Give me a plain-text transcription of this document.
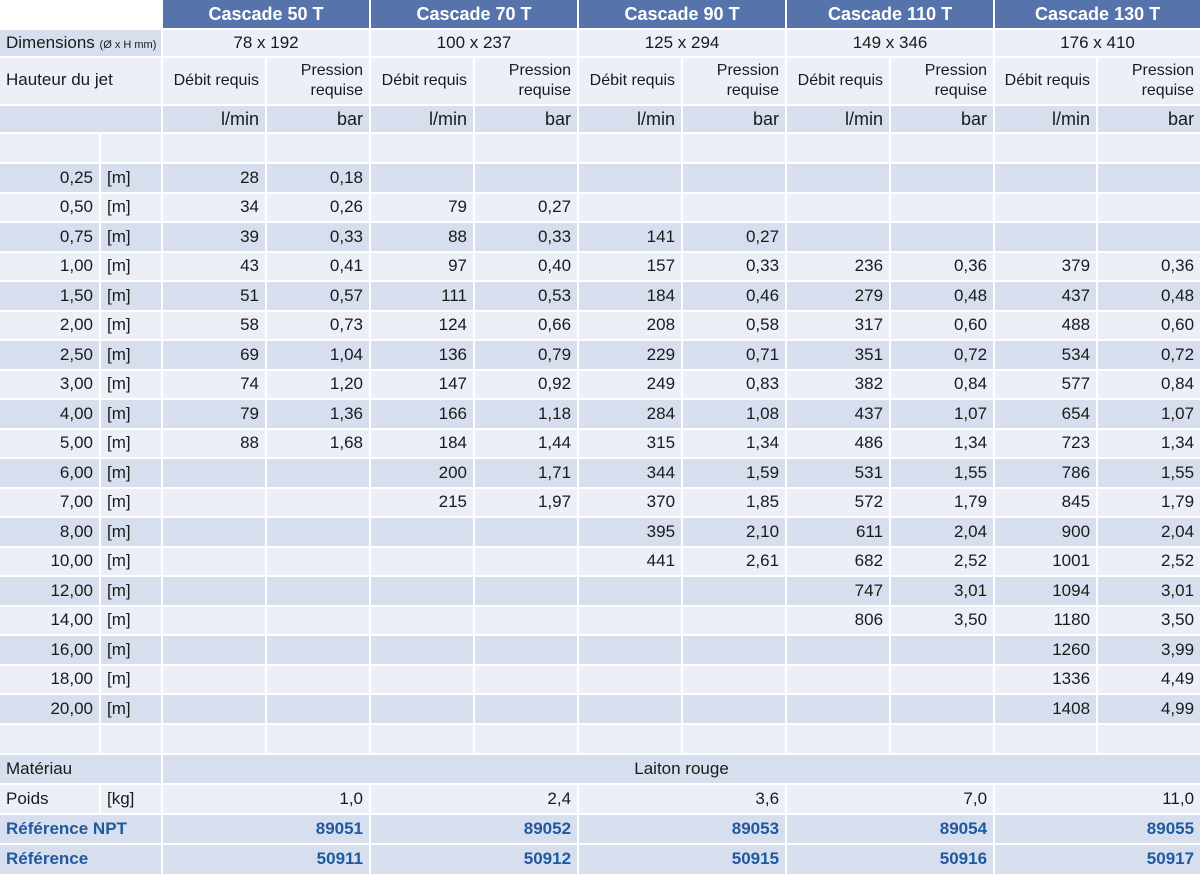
		Cascade 50 T		Cascade 70 T		Cascade 90 T		Cascade 110 T		Cascade 130 T	
Dimensions (Ø x H mm)		78 x 192		100 x 237		125 x 294		149 x 346		176 x 410	
Hauteur du jet		Débit requis	Pression requise	Débit requis	Pression requise	Débit requis	Pression requise	Débit requis	Pression requise	Débit requis	Pression requise
		l/min	bar	l/min	bar	l/min	bar	l/min	bar	l/min	bar

0,25	[m]	28	0,18								
0,50	[m]	34	0,26	79	0,27						
0,75	[m]	39	0,33	88	0,33	141	0,27				
1,00	[m]	43	0,41	97	0,40	157	0,33	236	0,36	379	0,36
1,50	[m]	51	0,57	111	0,53	184	0,46	279	0,48	437	0,48
2,00	[m]	58	0,73	124	0,66	208	0,58	317	0,60	488	0,60
2,50	[m]	69	1,04	136	0,79	229	0,71	351	0,72	534	0,72
3,00	[m]	74	1,20	147	0,92	249	0,83	382	0,84	577	0,84
4,00	[m]	79	1,36	166	1,18	284	1,08	437	1,07	654	1,07
5,00	[m]	88	1,68	184	1,44	315	1,34	486	1,34	723	1,34
6,00	[m]			200	1,71	344	1,59	531	1,55	786	1,55
7,00	[m]			215	1,97	370	1,85	572	1,79	845	1,79
8,00	[m]					395	2,10	611	2,04	900	2,04
10,00	[m]					441	2,61	682	2,52	1001	2,52
12,00	[m]							747	3,01	1094	3,01
14,00	[m]							806	3,50	1180	3,50
16,00	[m]									1260	3,99
18,00	[m]									1336	4,49
20,00	[m]									1408	4,99

Matériau		Laiton rouge									
Poids	[kg]	1,0		2,4		3,6		7,0		11,0	
Référence NPT		89051		89052		89053		89054		89055	
Référence		50911		50912		50915		50916		50917	
